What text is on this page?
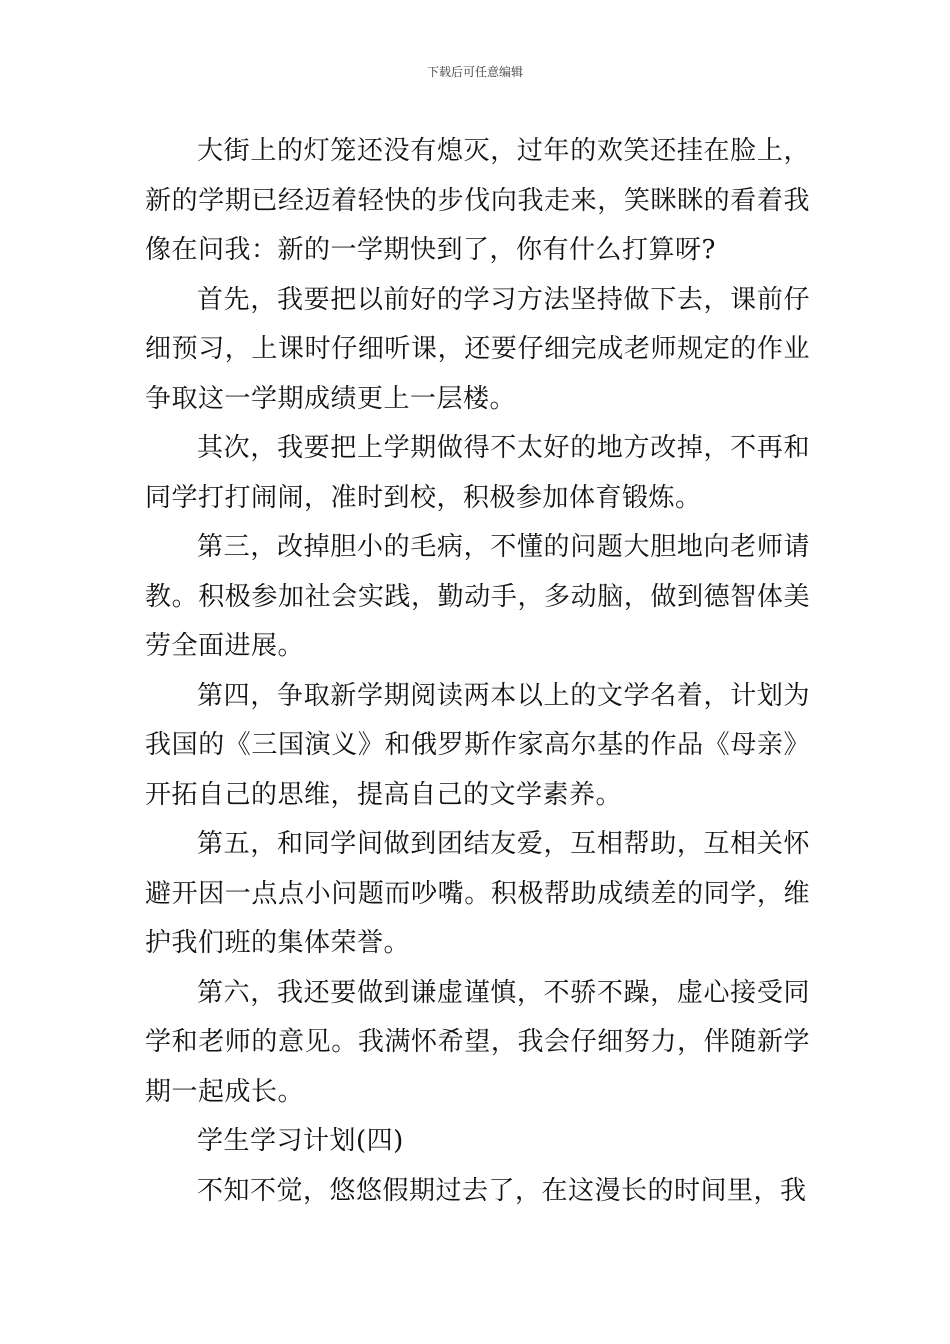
下载后可任意编辑

大街上的灯笼还没有熄灭，过年的欢笑还挂在脸上，新的学期已经迈着轻快的步伐向我走来，笑眯眯的看着我像在问我：新的一学期快到了，你有什么打算呀?

首先，我要把以前好的学习方法坚持做下去，课前仔细预习，上课时仔细听课，还要仔细完成老师规定的作业争取这一学期成绩更上一层楼。

其次，我要把上学期做得不太好的地方改掉，不再和同学打打闹闹，准时到校，积极参加体育锻炼。

第三，改掉胆小的毛病，不懂的问题大胆地向老师请教。积极参加社会实践，勤动手，多动脑，做到德智体美劳全面进展。

第四，争取新学期阅读两本以上的文学名着，计划为我国的《三国演义》和俄罗斯作家高尔基的作品《母亲》开拓自己的思维，提高自己的文学素养。

第五，和同学间做到团结友爱，互相帮助，互相关怀避开因一点点小问题而吵嘴。积极帮助成绩差的同学，维护我们班的集体荣誉。

第六，我还要做到谦虚谨慎，不骄不躁，虚心接受同学和老师的意见。我满怀希望，我会仔细努力，伴随新学期一起成长。

学生学习计划(四)

不知不觉，悠悠假期过去了，在这漫长的时间里，我
